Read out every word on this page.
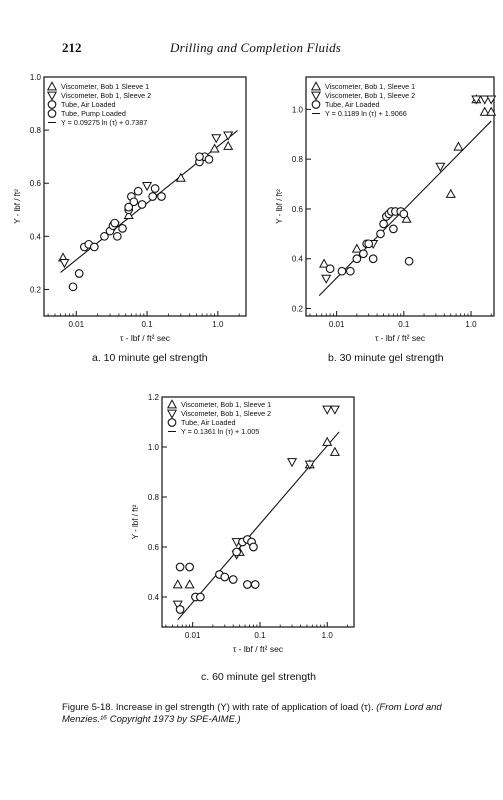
212	Drilling and Completion Fluids
0.2
0.4
0.6
0.8
1.0
0.01	0.1	1.0
τ - lbf / ft² sec
Y - lbf / ft²
Viscometer, Bob 1 Sleeve 1
Viscometer, Bob 1, Sleeve 2
Tube, Air Loaded
Tube, Pump Loaded
Y = 0.09275 ln (τ) + 0.7387
0.2
0.4
0.6
0.8
1.0
0.01	0.1	1.0
τ - lbf / ft² sec
Y - lbf / ft²
Viscometer, Bob 1, Sleeve 1
Viscometer, Bob 1, Sleeve 2
Tube, Air Loaded
Y = 0.1189 ln (τ) + 1.9066
0.4
0.6
0.8
1.0
1.2
0.01	0.1	1.0
τ - lbf / ft² sec
Y - lbf / ft²
Viscometer, Bob 1, Sleeve 1
Viscometer, Bob 1, Sleeve 2
Tube, Air Loaded
Y = 0.1361 ln (τ) + 1.005
a. 10 minute gel strength	b. 30 minute gel strength
c. 60 minute gel strength
Figure 5-18. Increase in gel strength (Y) with rate of application of load (τ). (From Lord and Menzies.¹⁶ Copyright 1973 by SPE-AIME.)
